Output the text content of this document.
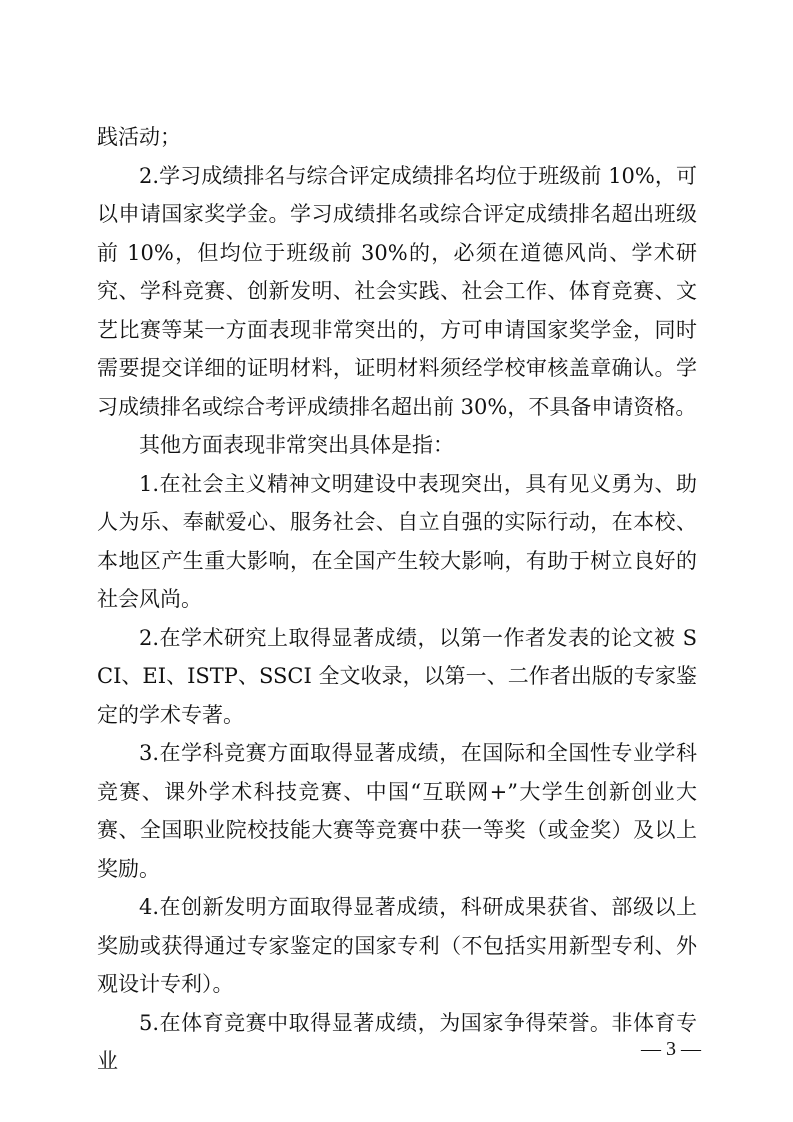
践活动；

2.学习成绩排名与综合评定成绩排名均位于班级前 10%，可以申请国家奖学金。学习成绩排名或综合评定成绩排名超出班级前 10%，但均位于班级前 30%的，必须在道德风尚、学术研究、学科竞赛、创新发明、社会实践、社会工作、体育竞赛、文艺比赛等某一方面表现非常突出的，方可申请国家奖学金，同时需要提交详细的证明材料，证明材料须经学校审核盖章确认。学习成绩排名或综合考评成绩排名超出前 30%，不具备申请资格。

其他方面表现非常突出具体是指：

1.在社会主义精神文明建设中表现突出，具有见义勇为、助人为乐、奉献爱心、服务社会、自立自强的实际行动，在本校、本地区产生重大影响，在全国产生较大影响，有助于树立良好的社会风尚。

2.在学术研究上取得显著成绩，以第一作者发表的论文被 SCI、EI、ISTP、SSCI 全文收录，以第一、二作者出版的专家鉴定的学术专著。

3.在学科竞赛方面取得显著成绩，在国际和全国性专业学科竞赛、课外学术科技竞赛、中国“互联网+”大学生创新创业大赛、全国职业院校技能大赛等竞赛中获一等奖（或金奖）及以上奖励。

4.在创新发明方面取得显著成绩，科研成果获省、部级以上奖励或获得通过专家鉴定的国家专利（不包括实用新型专利、外观设计专利）。

5.在体育竞赛中取得显著成绩，为国家争得荣誉。非体育专业	— 3 —
